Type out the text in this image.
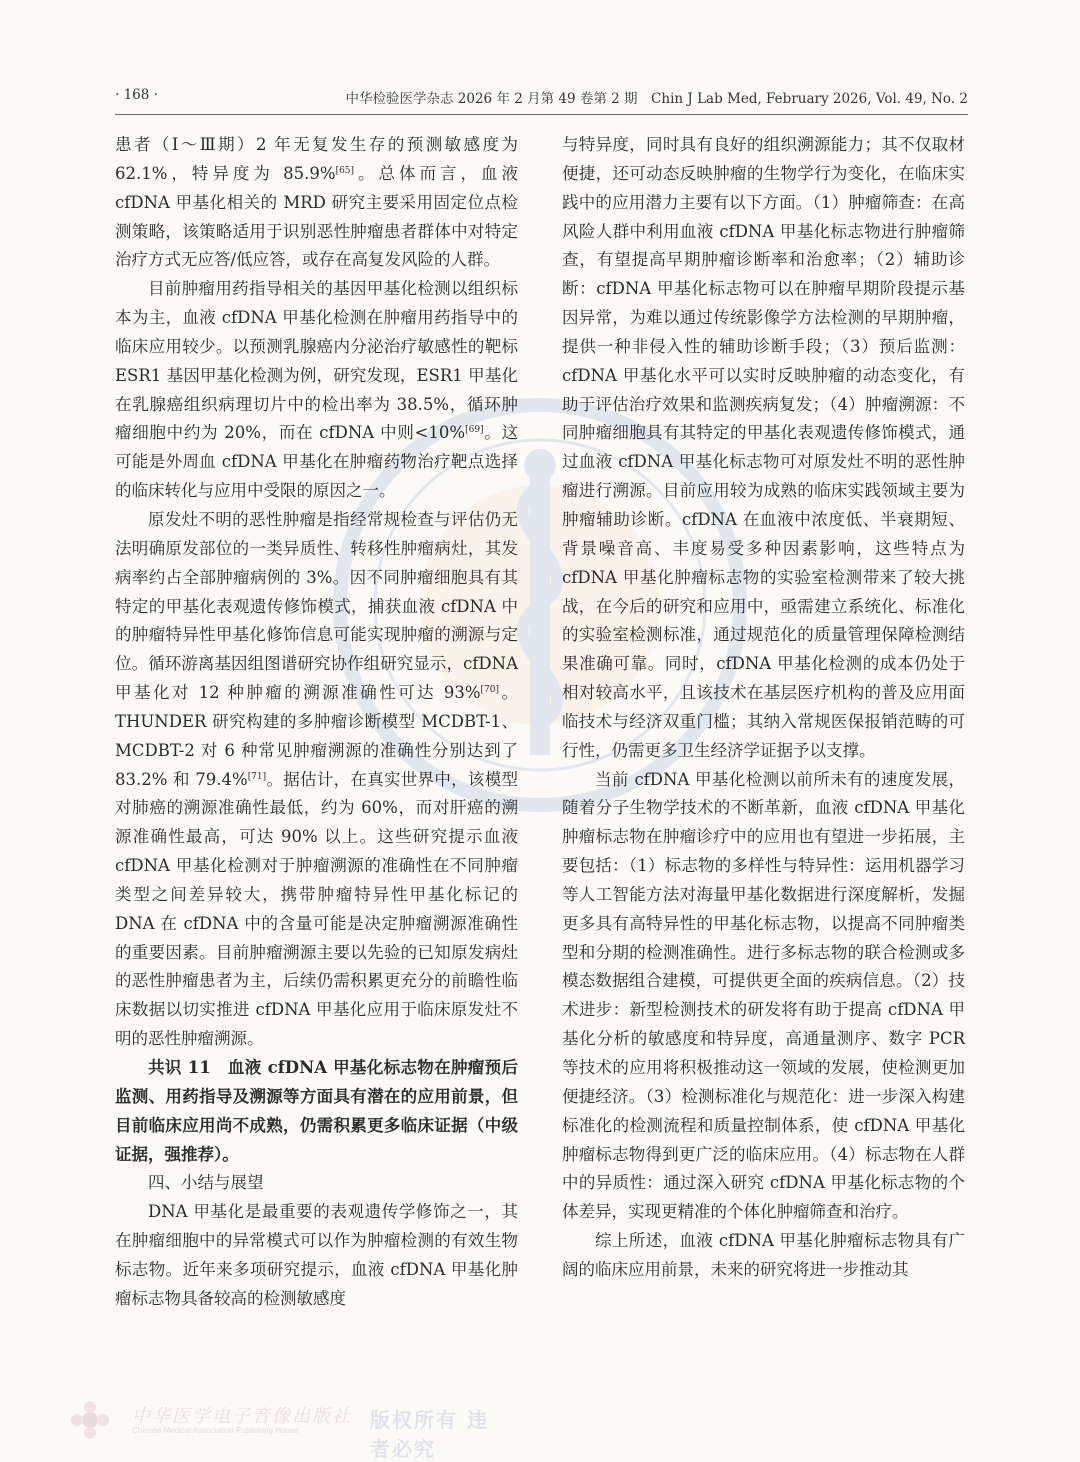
· 168 ·	中华检验医学杂志 2026 年 2 月第 49 卷第 2 期　Chin J Lab Med, February 2026, Vol. 49, No. 2

患者（Ⅰ～Ⅲ期）2 年无复发生存的预测敏感度为 62.1%，特异度为 85.9%[65]。总体而言，血液 cfDNA 甲基化相关的 MRD 研究主要采用固定位点检测策略，该策略适用于识别恶性肿瘤患者群体中对特定治疗方式无应答/低应答，或存在高复发风险的人群。

目前肿瘤用药指导相关的基因甲基化检测以组织标本为主，血液 cfDNA 甲基化检测在肿瘤用药指导中的临床应用较少。以预测乳腺癌内分泌治疗敏感性的靶标 ESR1 基因甲基化检测为例，研究发现，ESR1 甲基化在乳腺癌组织病理切片中的检出率为 38.5%，循环肿瘤细胞中约为 20%，而在 cfDNA 中则<10%[69]。这可能是外周血 cfDNA 甲基化在肿瘤药物治疗靶点选择的临床转化与应用中受限的原因之一。

原发灶不明的恶性肿瘤是指经常规检查与评估仍无法明确原发部位的一类异质性、转移性肿瘤病灶，其发病率约占全部肿瘤病例的 3%。因不同肿瘤细胞具有其特定的甲基化表观遗传修饰模式，捕获血液 cfDNA 中的肿瘤特异性甲基化修饰信息可能实现肿瘤的溯源与定位。循环游离基因组图谱研究协作组研究显示，cfDNA 甲基化对 12 种肿瘤的溯源准确性可达 93%[70]。THUNDER 研究构建的多肿瘤诊断模型 MCDBT-1、MCDBT-2 对 6 种常见肿瘤溯源的准确性分别达到了 83.2% 和 79.4%[71]。据估计，在真实世界中，该模型对肺癌的溯源准确性最低，约为 60%，而对肝癌的溯源准确性最高，可达 90% 以上。这些研究提示血液 cfDNA 甲基化检测对于肿瘤溯源的准确性在不同肿瘤类型之间差异较大，携带肿瘤特异性甲基化标记的 DNA 在 cfDNA 中的含量可能是决定肿瘤溯源准确性的重要因素。目前肿瘤溯源主要以先验的已知原发病灶的恶性肿瘤患者为主，后续仍需积累更充分的前瞻性临床数据以切实推进 cfDNA 甲基化应用于临床原发灶不明的恶性肿瘤溯源。

共识 11　血液 cfDNA 甲基化标志物在肿瘤预后监测、用药指导及溯源等方面具有潜在的应用前景，但目前临床应用尚不成熟，仍需积累更多临床证据（中级证据，强推荐）。

四、小结与展望

DNA 甲基化是最重要的表观遗传学修饰之一，其在肿瘤细胞中的异常模式可以作为肿瘤检测的有效生物标志物。近年来多项研究提示，血液 cfDNA 甲基化肿瘤标志物具备较高的检测敏感度

与特异度，同时具有良好的组织溯源能力；其不仅取材便捷，还可动态反映肿瘤的生物学行为变化，在临床实践中的应用潜力主要有以下方面。（1）肿瘤筛查：在高风险人群中利用血液 cfDNA 甲基化标志物进行肿瘤筛查，有望提高早期肿瘤诊断率和治愈率；（2）辅助诊断：cfDNA 甲基化标志物可以在肿瘤早期阶段提示基因异常，为难以通过传统影像学方法检测的早期肿瘤，提供一种非侵入性的辅助诊断手段；（3）预后监测：cfDNA 甲基化水平可以实时反映肿瘤的动态变化，有助于评估治疗效果和监测疾病复发；（4）肿瘤溯源：不同肿瘤细胞具有其特定的甲基化表观遗传修饰模式，通过血液 cfDNA 甲基化标志物可对原发灶不明的恶性肿瘤进行溯源。目前应用较为成熟的临床实践领域主要为肿瘤辅助诊断。cfDNA 在血液中浓度低、半衰期短、背景噪音高、丰度易受多种因素影响，这些特点为 cfDNA 甲基化肿瘤标志物的实验室检测带来了较大挑战，在今后的研究和应用中，亟需建立系统化、标准化的实验室检测标准，通过规范化的质量管理保障检测结果准确可靠。同时，cfDNA 甲基化检测的成本仍处于相对较高水平，且该技术在基层医疗机构的普及应用面临技术与经济双重门槛；其纳入常规医保报销范畴的可行性，仍需更多卫生经济学证据予以支撑。

当前 cfDNA 甲基化检测以前所未有的速度发展，随着分子生物学技术的不断革新，血液 cfDNA 甲基化肿瘤标志物在肿瘤诊疗中的应用也有望进一步拓展，主要包括：（1）标志物的多样性与特异性：运用机器学习等人工智能方法对海量甲基化数据进行深度解析，发掘更多具有高特异性的甲基化标志物，以提高不同肿瘤类型和分期的检测准确性。进行多标志物的联合检测或多模态数据组合建模，可提供更全面的疾病信息。（2）技术进步：新型检测技术的研发将有助于提高 cfDNA 甲基化分析的敏感度和特异度，高通量测序、数字 PCR 等技术的应用将积极推动这一领域的发展，使检测更加便捷经济。（3）检测标准化与规范化：进一步深入构建标准化的检测流程和质量控制体系，使 cfDNA 甲基化肿瘤标志物得到更广泛的临床应用。（4）标志物在人群中的异质性：通过深入研究 cfDNA 甲基化标志物的个体差异，实现更精准的个体化肿瘤筛查和治疗。

综上所述，血液 cfDNA 甲基化肿瘤标志物具有广阔的临床应用前景，未来的研究将进一步推动其

中华医学电子音像出版社
Chinese Medical Association Publishing House	版权所有 违者必究
